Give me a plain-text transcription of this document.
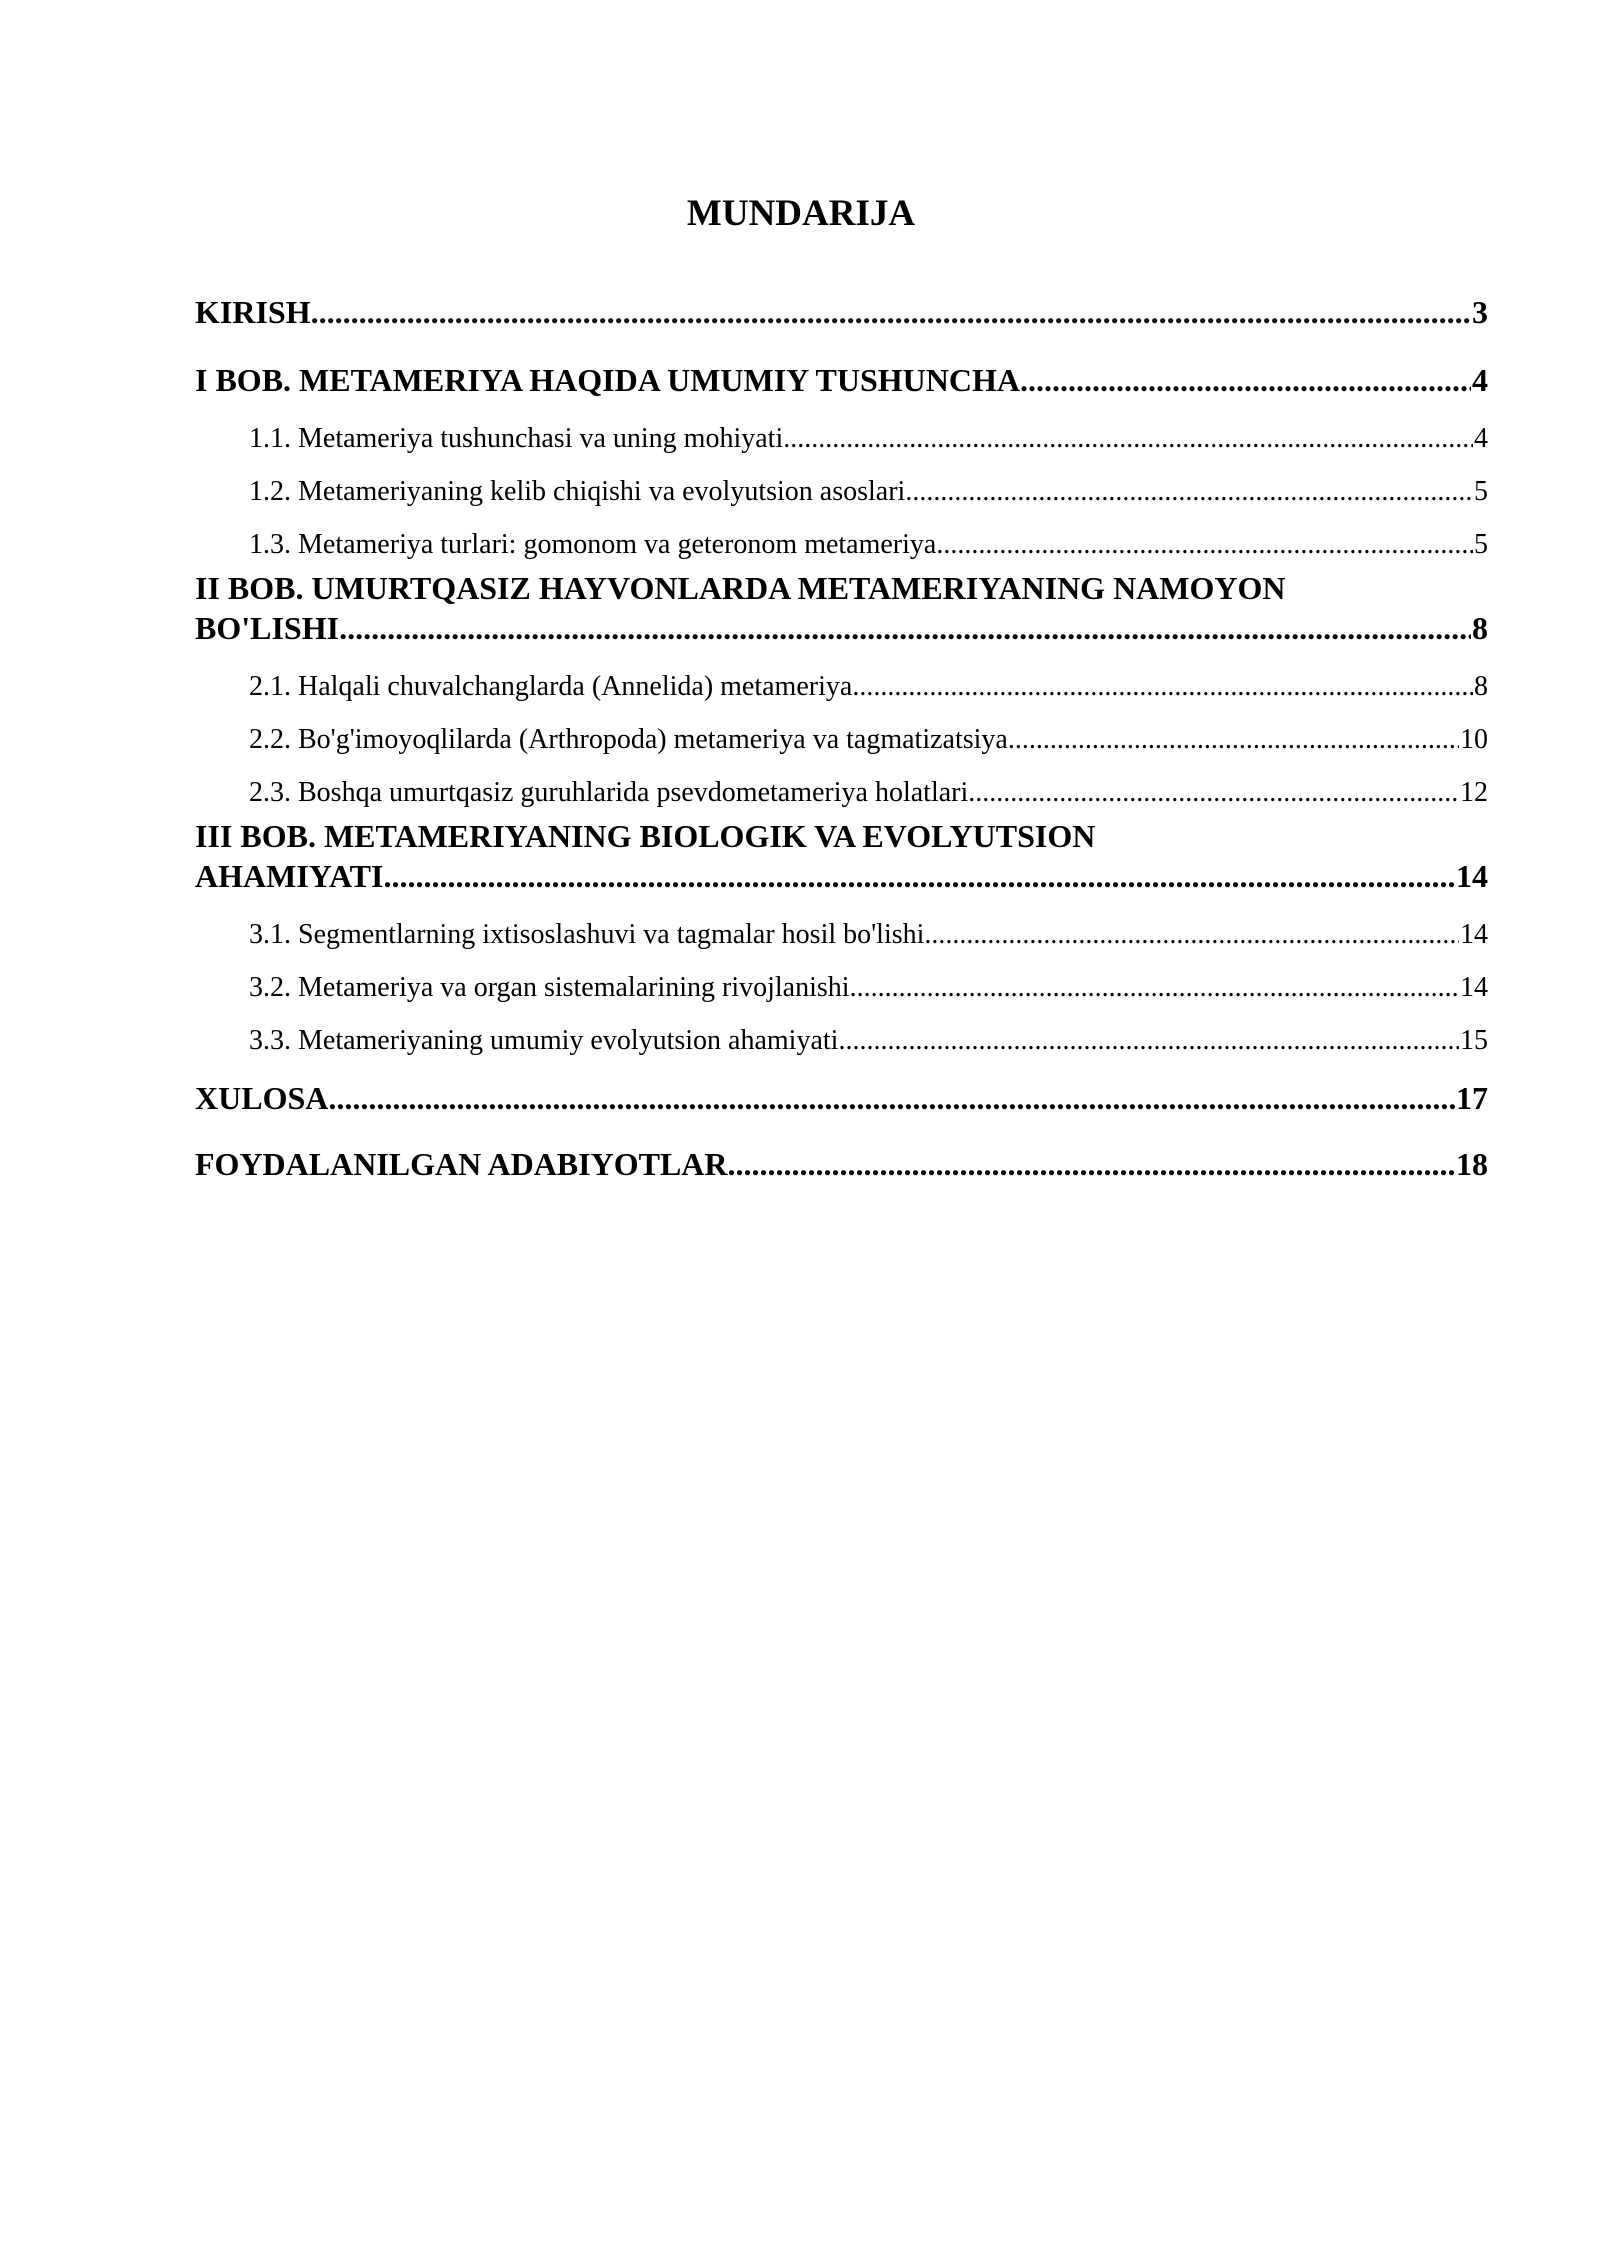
MUNDARIJA
KIRISH .....	3
I BOB. METAMERIYA HAQIDA UMUMIY TUSHUNCHA .....	4
1.1. Metameriya tushunchasi va uning mohiyati .....	4
1.2. Metameriyaning kelib chiqishi va evolyutsion asoslari .....	5
1.3. Metameriya turlari: gomonom va geteronom metameriya .....	5
II BOB. UMURTQASIZ HAYVONLARDA METAMERIYANING NAMOYON
BO'LISHI .....	8
2.1. Halqali chuvalchanglarda (Annelida) metameriya .....	8
2.2. Bo'g'imoyoqlilarda (Arthropoda) metameriya va tagmatizatsiya .....	10
2.3. Boshqa umurtqasiz guruhlarida psevdometameriya holatlari .....	12
III BOB. METAMERIYANING BIOLOGIK VA EVOLYUTSION
AHAMIYATI .....	14
3.1. Segmentlarning ixtisoslashuvi va tagmalar hosil bo'lishi .....	14
3.2. Metameriya va organ sistemalarining rivojlanishi .....	14
3.3. Metameriyaning umumiy evolyutsion ahamiyati .....	15
XULOSA .....	17
FOYDALANILGAN ADABIYOTLAR .....	18
